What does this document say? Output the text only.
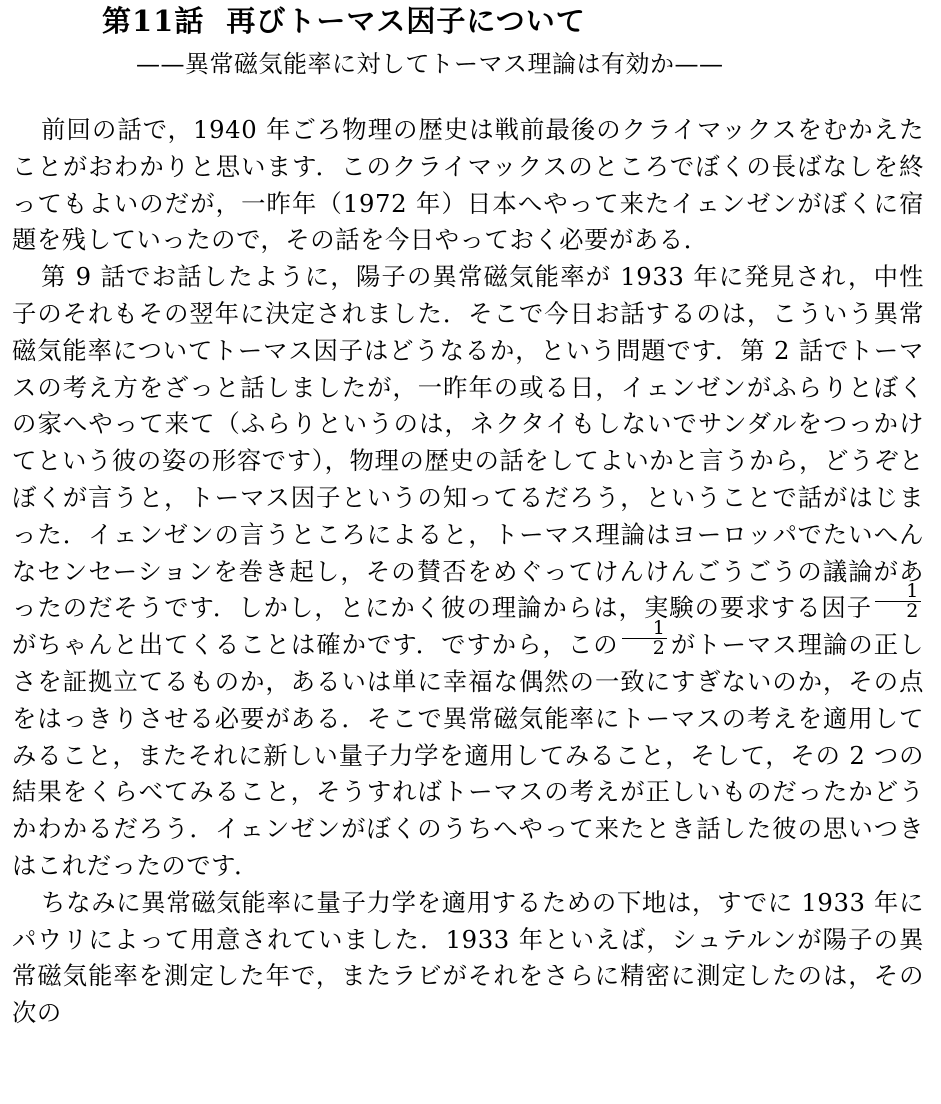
第11話 再びトーマス因子について
——異常磁気能率に対してトーマス理論は有効か——

前回の話で，1940 年ごろ物理の歴史は戦前最後のクライマックスをむかえたことがおわかりと思います．このクライマックスのところでぼくの長ばなしを終ってもよいのだが，一昨年（1972 年）日本へやって来たイェンゼンがぼくに宿題を残していったので，その話を今日やっておく必要がある．

第 9 話でお話したように，陽子の異常磁気能率が 1933 年に発見され，中性子のそれもその翌年に決定されました．そこで今日お話するのは，こういう異常磁気能率についてトーマス因子はどうなるか，という問題です．第 2 話でトーマスの考え方をざっと話しましたが，一昨年の或る日，イェンゼンがふらりとぼくの家へやって来て（ふらりというのは，ネクタイもしないでサンダルをつっかけてという彼の姿の形容です），物理の歴史の話をしてよいかと言うから，どうぞとぼくが言うと，トーマス因子というの知ってるだろう，ということで話がはじまった．イェンゼンの言うところによると，トーマス理論はヨーロッパでたいへんなセンセーションを巻き起し，その賛否をめぐってけんけんごうごうの議論があったのだそうです．しかし，とにかく彼の理論からは，実験の要求する因子 $\frac{1}{2}$
がちゃんと出てくることは確かです．ですから，この $\frac{1}{2}$ がトーマス理論の正しさを証拠立てるものか，あるいは単に幸福な偶然の一致にすぎないのか，その点をはっきりさせる必要がある．そこで異常磁気能率にトーマスの考えを適用してみること，またそれに新しい量子力学を適用してみること，そして，その 2 つの結果をくらべてみること，そうすればトーマスの考えが正しいものだったかどうかわかるだろう．イェンゼンがぼくのうちへやって来たとき話した彼の思いつきはこれだったのです．

ちなみに異常磁気能率に量子力学を適用するための下地は，すでに 1933 年にパウリによって用意されていました．1933 年といえば，シュテルンが陽子の異常磁気能率を測定した年で，またラビがそれをさらに精密に測定したのは，その次の
